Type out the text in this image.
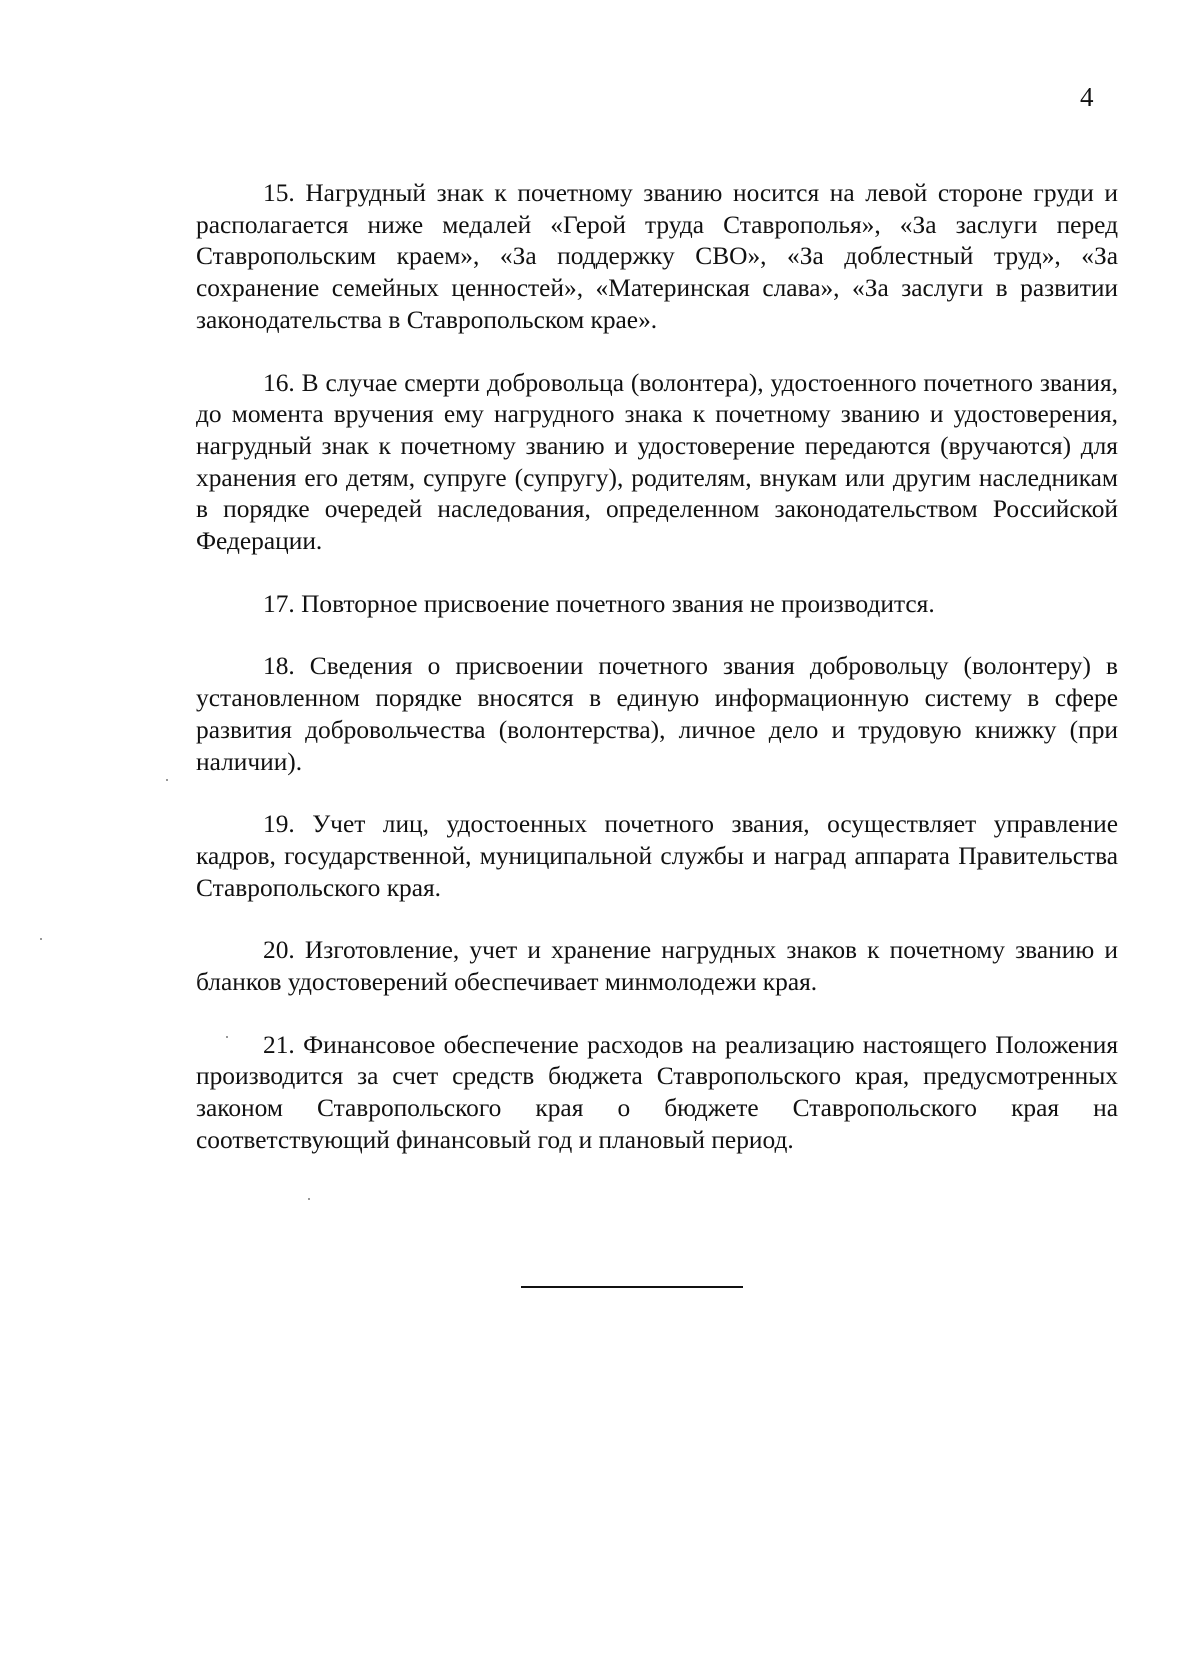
4

15. Нагрудный знак к почетному званию носится на левой стороне груди и располагается ниже медалей «Герой труда Ставрополья», «За заслуги перед Ставропольским краем», «За поддержку СВО», «За доблестный труд», «За сохранение семейных ценностей», «Материнская слава», «За заслуги в развитии законодательства в Ставропольском крае».

16. В случае смерти добровольца (волонтера), удостоенного почетного звания, до момента вручения ему нагрудного знака к почетному званию и удостоверения, нагрудный знак к почетному званию и удостоверение передаются (вручаются) для хранения его детям, супруге (супругу), родителям, внукам или другим наследникам в порядке очередей наследования, определенном законодательством Российской Федерации.

17. Повторное присвоение почетного звания не производится.

18. Сведения о присвоении почетного звания добровольцу (волонтеру) в установленном порядке вносятся в единую информационную систему в сфере развития добровольчества (волонтерства), личное дело и трудовую книжку (при наличии).

19. Учет лиц, удостоенных почетного звания, осуществляет управление кадров, государственной, муниципальной службы и наград аппарата Правительства Ставропольского края.

20. Изготовление, учет и хранение нагрудных знаков к почетному званию и бланков удостоверений обеспечивает минмолодежи края.

21. Финансовое обеспечение расходов на реализацию настоящего Положения производится за счет средств бюджета Ставропольского края, предусмотренных законом Ставропольского края о бюджете Ставропольского края на соответствующий финансовый год и плановый период.
